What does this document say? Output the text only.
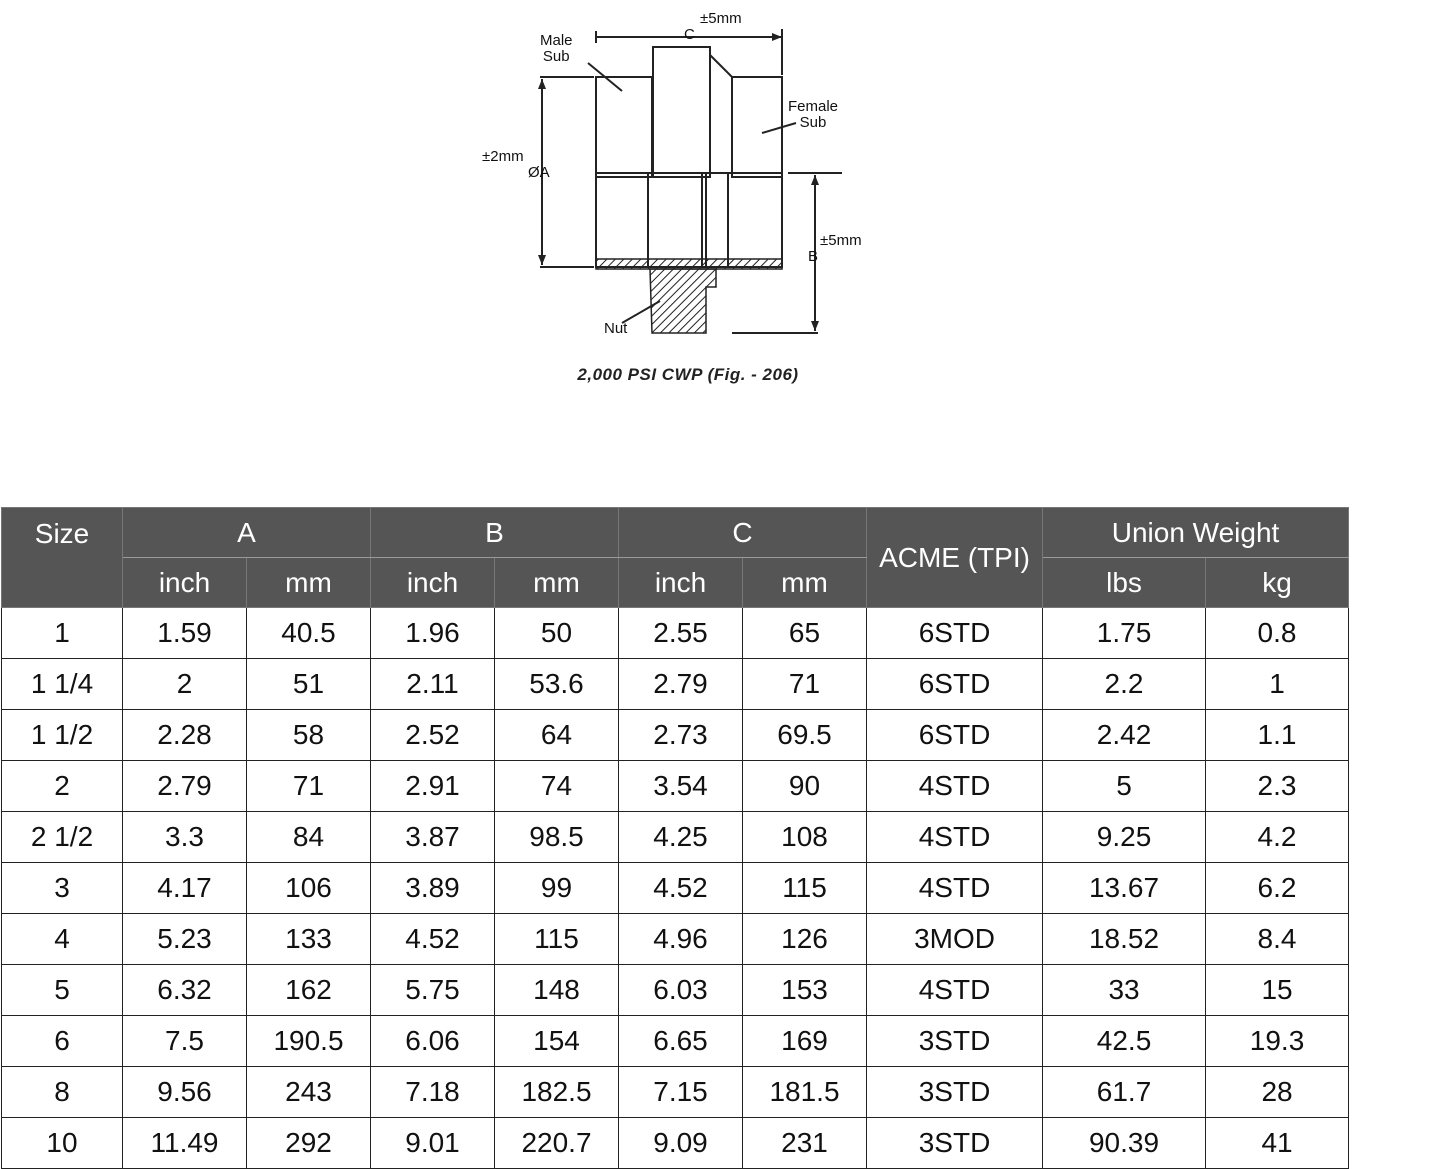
Male
Sub
C
±5mm
Female
Sub
±2mm
ØA
±5mm
B
Nut
2,000 PSI CWP (Fig. - 206)
Size	A		B		C		ACME (TPI)	Union Weight	
	inch	mm	inch	mm	inch	mm		lbs	kg
1	1.59	40.5	1.96	50	2.55	65	6STD	1.75	0.8
1 1/4	2	51	2.11	53.6	2.79	71	6STD	2.2	1
1 1/2	2.28	58	2.52	64	2.73	69.5	6STD	2.42	1.1
2	2.79	71	2.91	74	3.54	90	4STD	5	2.3
2 1/2	3.3	84	3.87	98.5	4.25	108	4STD	9.25	4.2
3	4.17	106	3.89	99	4.52	115	4STD	13.67	6.2
4	5.23	133	4.52	115	4.96	126	3MOD	18.52	8.4
5	6.32	162	5.75	148	6.03	153	4STD	33	15
6	7.5	190.5	6.06	154	6.65	169	3STD	42.5	19.3
8	9.56	243	7.18	182.5	7.15	181.5	3STD	61.7	28
10	11.49	292	9.01	220.7	9.09	231	3STD	90.39	41
